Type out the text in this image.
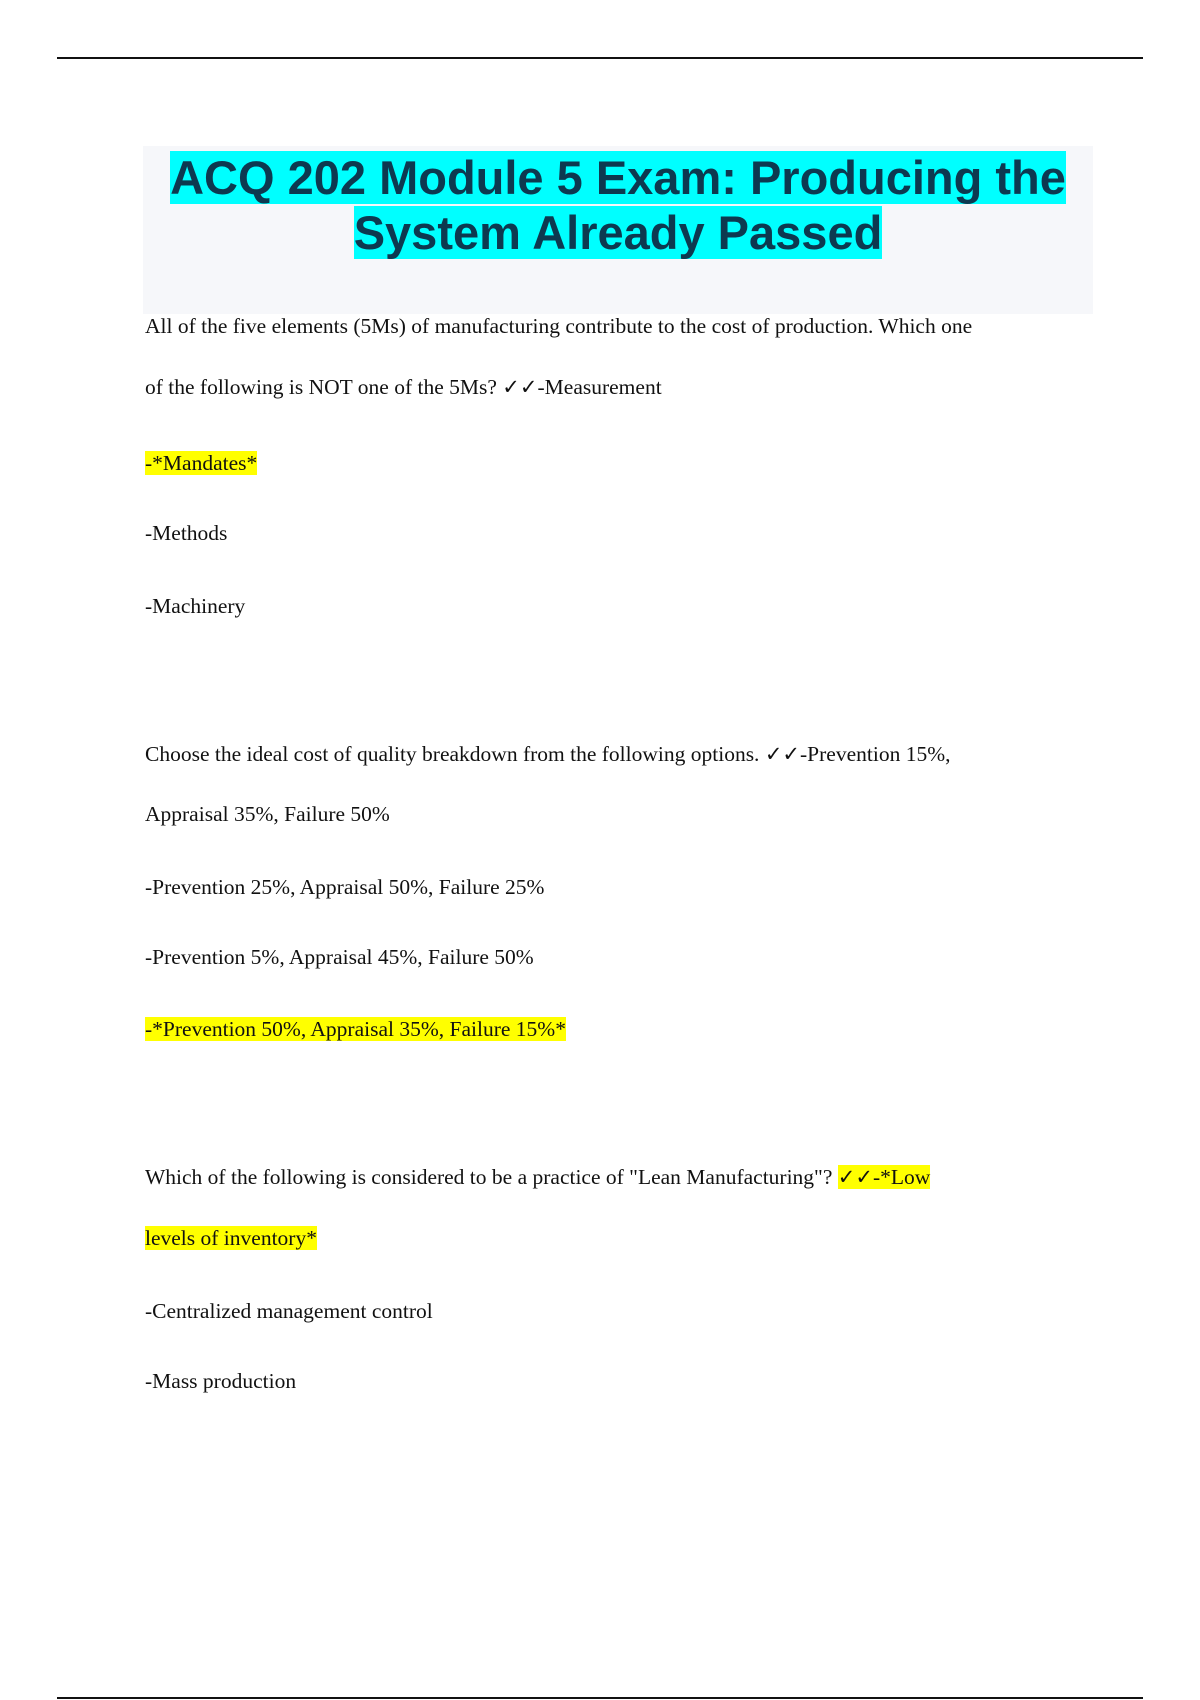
ACQ 202 Module 5 Exam: Producing the
System Already Passed
All of the five elements (5Ms) of manufacturing contribute to the cost of production. Which one
of the following is NOT one of the 5Ms? ✓✓-Measurement
-*Mandates*
-Methods
-Machinery
Choose the ideal cost of quality breakdown from the following options. ✓✓-Prevention 15%,
Appraisal 35%, Failure 50%
-Prevention 25%, Appraisal 50%, Failure 25%
-Prevention 5%, Appraisal 45%, Failure 50%
-*Prevention 50%, Appraisal 35%, Failure 15%*
Which of the following is considered to be a practice of "Lean Manufacturing"? ✓✓-*Low
levels of inventory*
-Centralized management control
-Mass production
